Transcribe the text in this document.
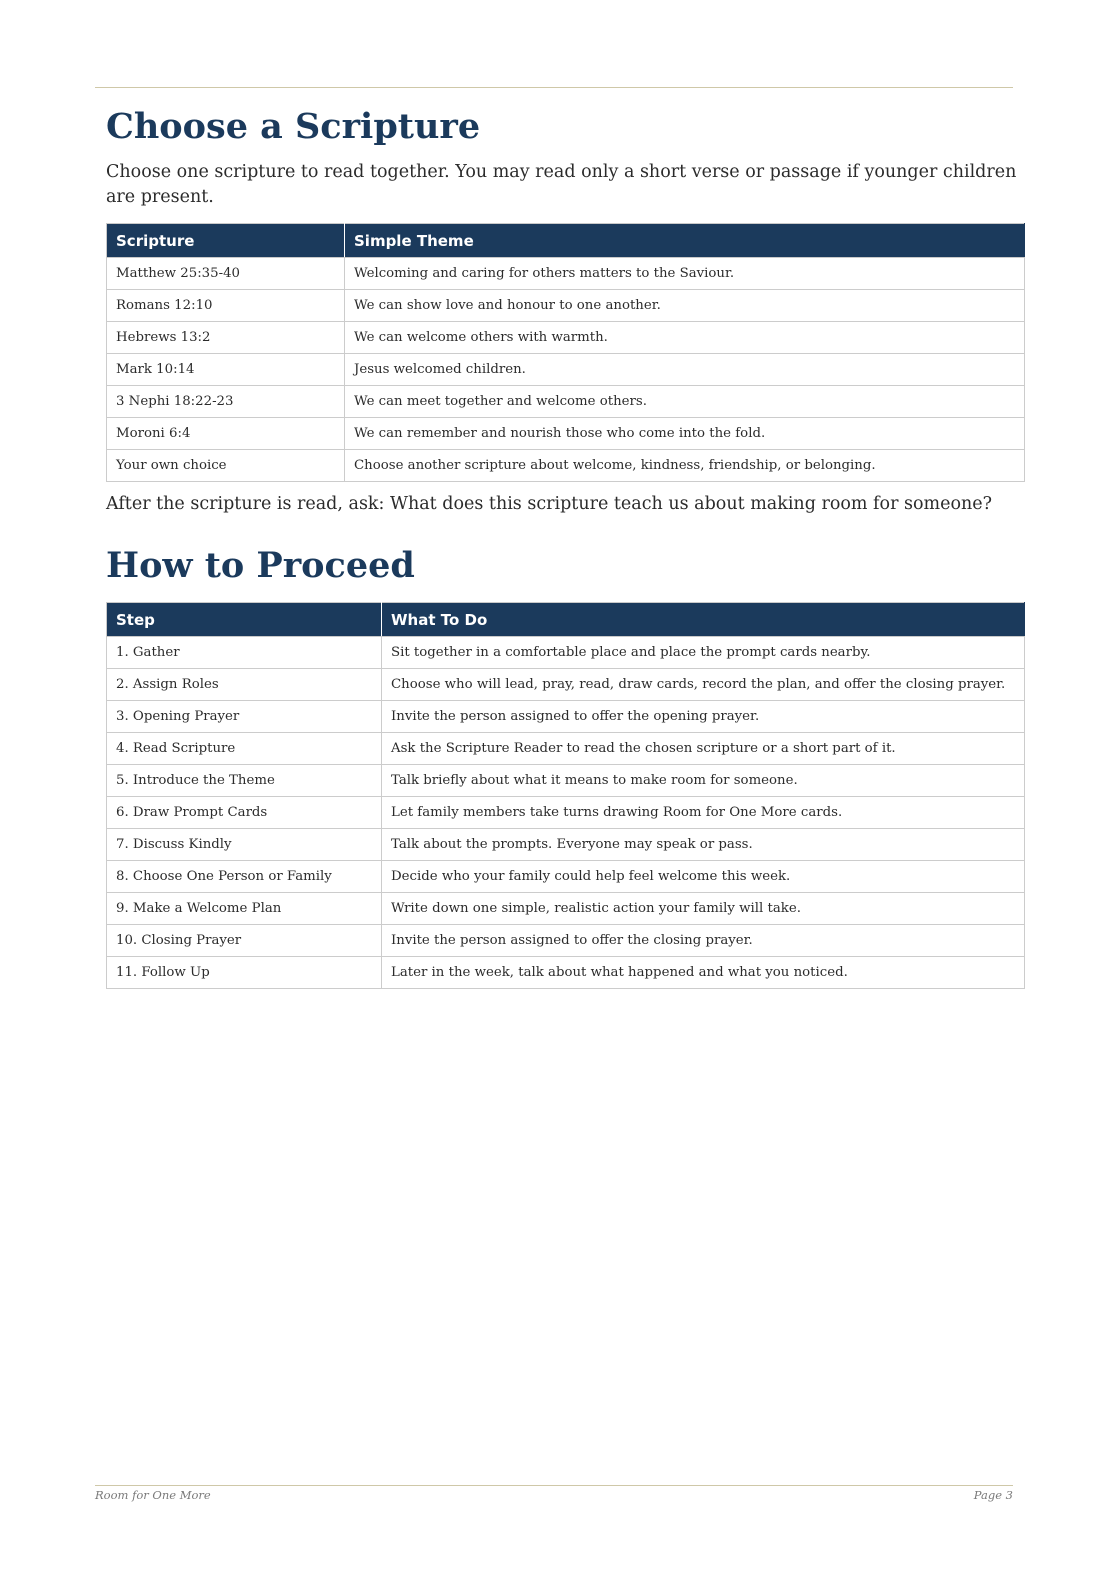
Choose a Scripture

Choose one scripture to read together. You may read only a short verse or passage if younger children are present.

Scripture	Simple Theme
Matthew 25:35-40	Welcoming and caring for others matters to the Saviour.
Romans 12:10	We can show love and honour to one another.
Hebrews 13:2	We can welcome others with warmth.
Mark 10:14	Jesus welcomed children.
3 Nephi 18:22-23	We can meet together and welcome others.
Moroni 6:4	We can remember and nourish those who come into the fold.
Your own choice	Choose another scripture about welcome, kindness, friendship, or belonging.

After the scripture is read, ask: What does this scripture teach us about making room for someone?

How to Proceed
Step	What To Do
1. Gather	Sit together in a comfortable place and place the prompt cards nearby.
2. Assign Roles	Choose who will lead, pray, read, draw cards, record the plan, and offer the closing prayer.
3. Opening Prayer	Invite the person assigned to offer the opening prayer.
4. Read Scripture	Ask the Scripture Reader to read the chosen scripture or a short part of it.
5. Introduce the Theme	Talk briefly about what it means to make room for someone.
6. Draw Prompt Cards	Let family members take turns drawing Room for One More cards.
7. Discuss Kindly	Talk about the prompts. Everyone may speak or pass.
8. Choose One Person or Family	Decide who your family could help feel welcome this week.
9. Make a Welcome Plan	Write down one simple, realistic action your family will take.
10. Closing Prayer	Invite the person assigned to offer the closing prayer.
11. Follow Up	Later in the week, talk about what happened and what you noticed.
Room for One More	Page 3
